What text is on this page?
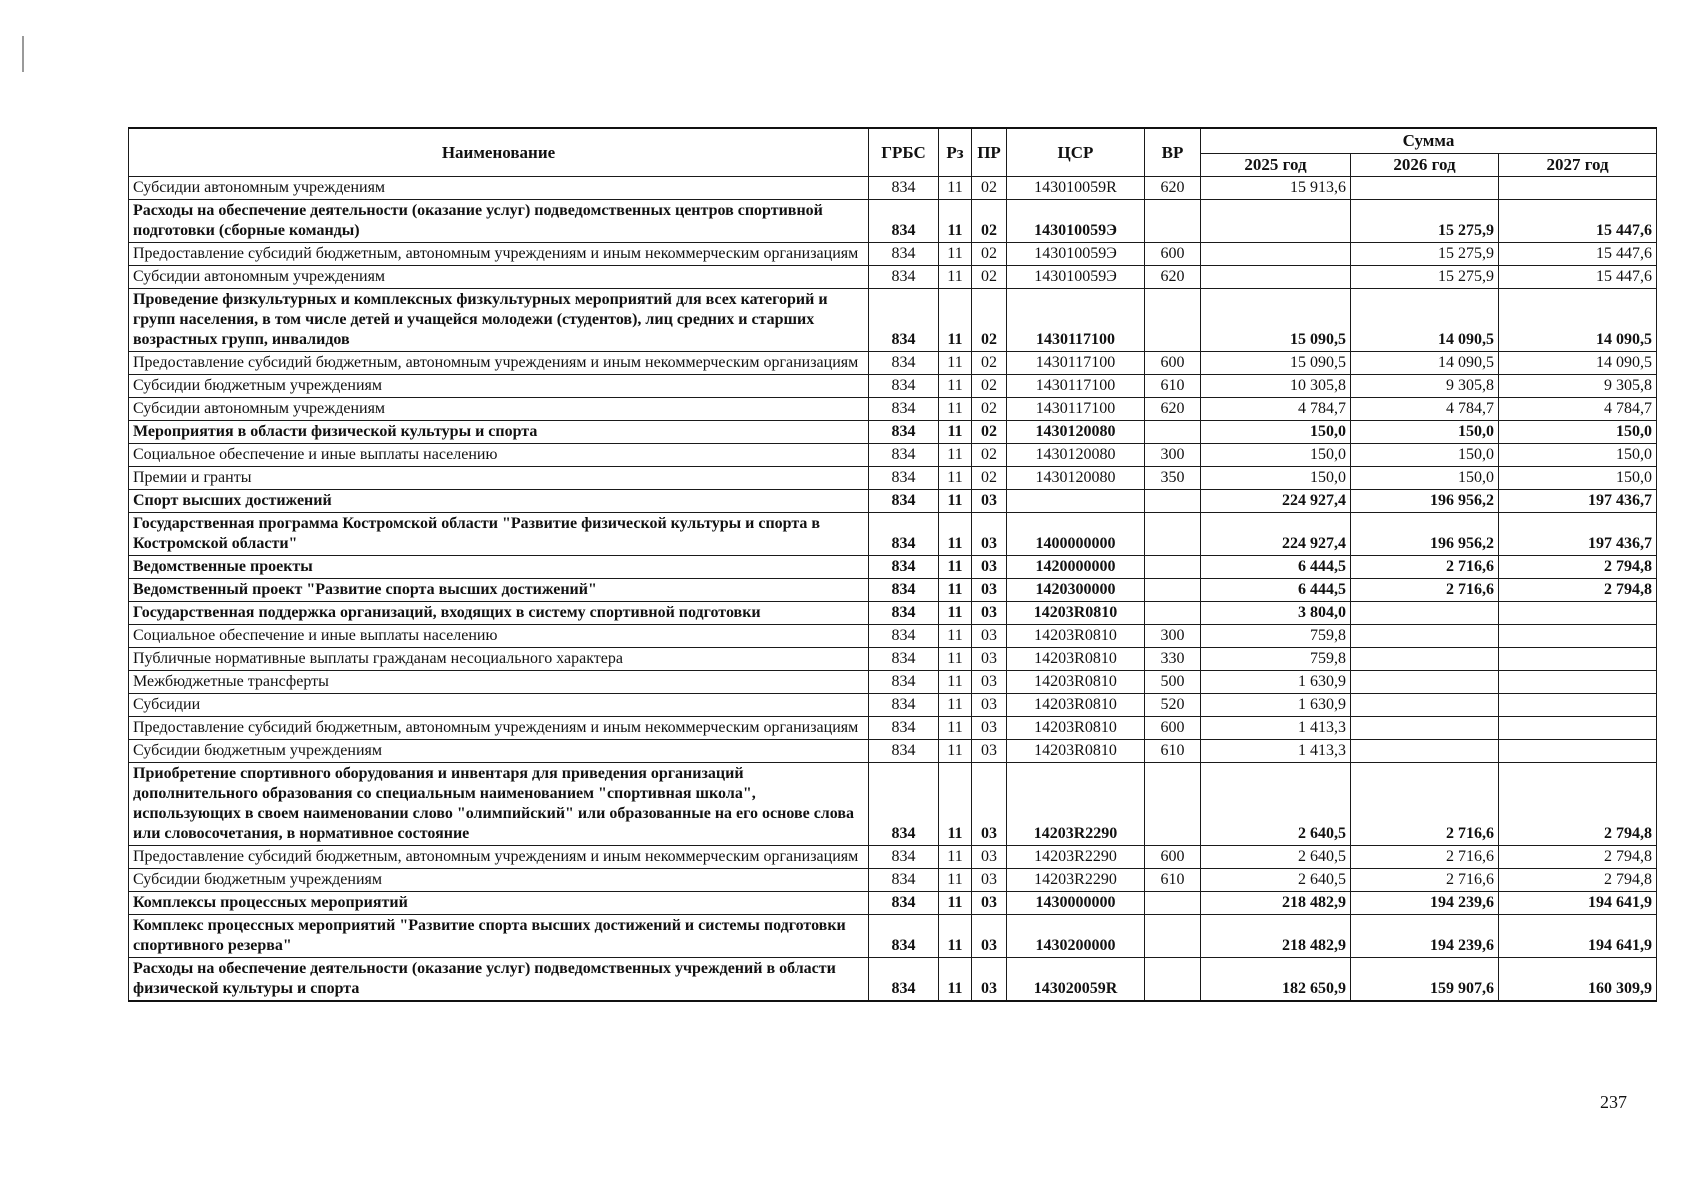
Наименование	ГРБС	Рз	ПР	ЦСР	ВР	Сумма		
						2025 год	2026 год	2027 год
Субсидии автономным учреждениям	834	11	02	143010059R	620	15 913,6		
Расходы на обеспечение деятельности (оказание услуг) подведомственных центров спортивной подготовки (сборные команды)	834	11	02	143010059Э			15 275,9	15 447,6
Предоставление субсидий бюджетным, автономным учреждениям и иным некоммерческим организациям	834	11	02	143010059Э	600		15 275,9	15 447,6
Субсидии автономным учреждениям	834	11	02	143010059Э	620		15 275,9	15 447,6
Проведение физкультурных и комплексных физкультурных мероприятий для всех категорий и групп населения, в том числе детей и учащейся молодежи (студентов), лиц средних и старших возрастных групп, инвалидов	834	11	02	1430117100		15 090,5	14 090,5	14 090,5
Предоставление субсидий бюджетным, автономным учреждениям и иным некоммерческим организациям	834	11	02	1430117100	600	15 090,5	14 090,5	14 090,5
Субсидии бюджетным учреждениям	834	11	02	1430117100	610	10 305,8	9 305,8	9 305,8
Субсидии автономным учреждениям	834	11	02	1430117100	620	4 784,7	4 784,7	4 784,7
Мероприятия в области физической культуры и спорта	834	11	02	1430120080		150,0	150,0	150,0
Социальное обеспечение и иные выплаты населению	834	11	02	1430120080	300	150,0	150,0	150,0
Премии и гранты	834	11	02	1430120080	350	150,0	150,0	150,0
Спорт высших достижений	834	11	03			224 927,4	196 956,2	197 436,7
Государственная программа Костромской области "Развитие физической культуры и спорта в Костромской области"	834	11	03	1400000000		224 927,4	196 956,2	197 436,7
Ведомственные проекты	834	11	03	1420000000		6 444,5	2 716,6	2 794,8
Ведомственный проект "Развитие спорта высших достижений"	834	11	03	1420300000		6 444,5	2 716,6	2 794,8
Государственная поддержка организаций, входящих в систему спортивной подготовки	834	11	03	14203R0810		3 804,0		
Социальное обеспечение и иные выплаты населению	834	11	03	14203R0810	300	759,8		
Публичные нормативные выплаты гражданам несоциального характера	834	11	03	14203R0810	330	759,8		
Межбюджетные трансферты	834	11	03	14203R0810	500	1 630,9		
Субсидии	834	11	03	14203R0810	520	1 630,9		
Предоставление субсидий бюджетным, автономным учреждениям и иным некоммерческим организациям	834	11	03	14203R0810	600	1 413,3		
Субсидии бюджетным учреждениям	834	11	03	14203R0810	610	1 413,3		
Приобретение спортивного оборудования и инвентаря для приведения организаций дополнительного образования со специальным наименованием "спортивная школа", использующих в своем наименовании слово "олимпийский" или образованные на его основе слова или словосочетания, в нормативное состояние	834	11	03	14203R2290		2 640,5	2 716,6	2 794,8
Предоставление субсидий бюджетным, автономным учреждениям и иным некоммерческим организациям	834	11	03	14203R2290	600	2 640,5	2 716,6	2 794,8
Субсидии бюджетным учреждениям	834	11	03	14203R2290	610	2 640,5	2 716,6	2 794,8
Комплексы процессных мероприятий	834	11	03	1430000000		218 482,9	194 239,6	194 641,9
Комплекс процессных мероприятий "Развитие спорта высших достижений и системы подготовки спортивного резерва"	834	11	03	1430200000		218 482,9	194 239,6	194 641,9
Расходы на обеспечение деятельности (оказание услуг) подведомственных учреждений в области физической культуры и спорта	834	11	03	143020059R		182 650,9	159 907,6	160 309,9
237
